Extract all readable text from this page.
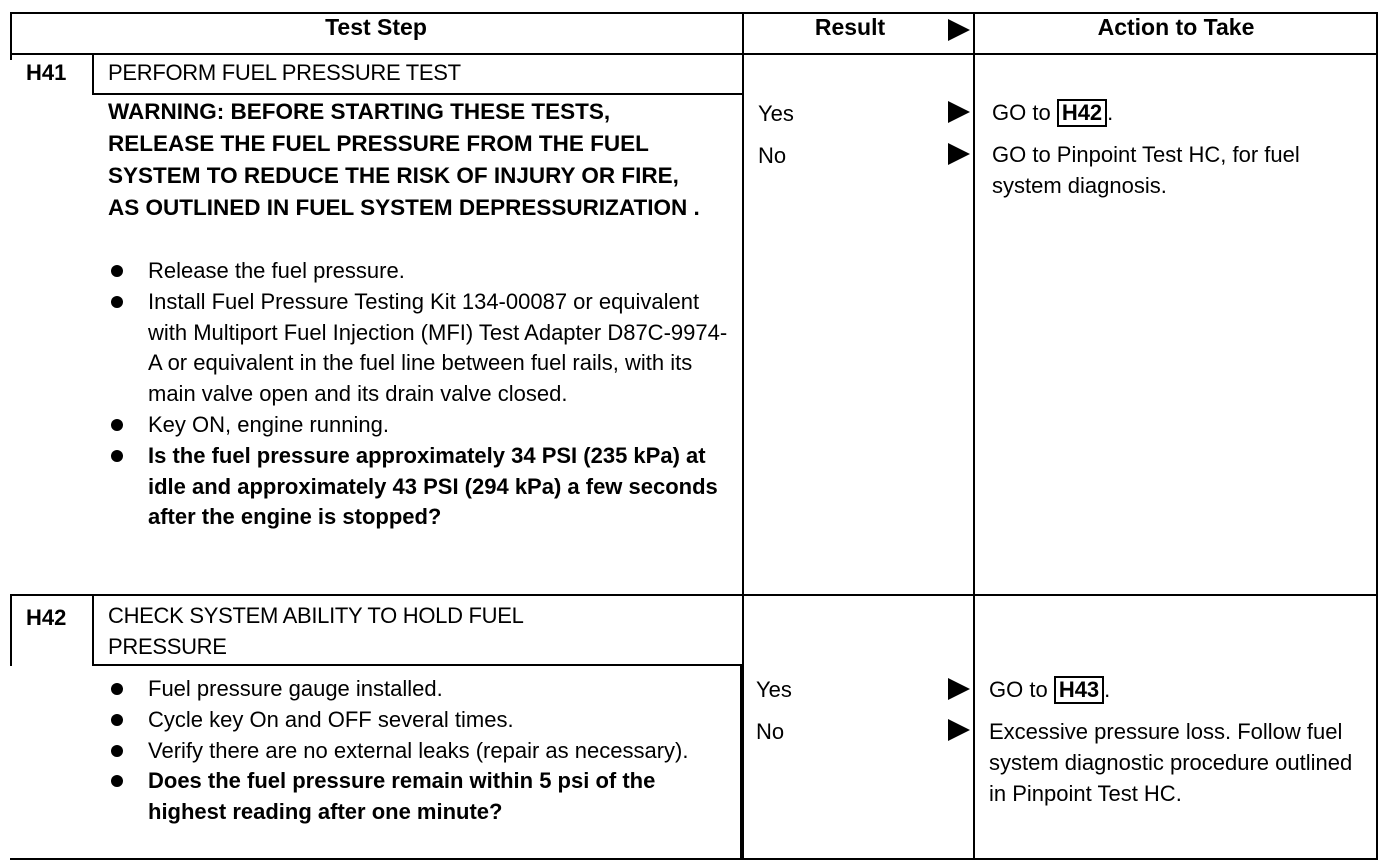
Test Step	Result	Action to Take
H41 PERFORM FUEL PRESSURE TEST
WARNING: BEFORE STARTING THESE TESTS, RELEASE THE FUEL PRESSURE FROM THE FUEL SYSTEM TO REDUCE THE RISK OF INJURY OR FIRE, AS OUTLINED IN FUEL SYSTEM DEPRESSURIZATION .
Release the fuel pressure.
Install Fuel Pressure Testing Kit 134-00087 or equivalent with Multiport Fuel Injection (MFI) Test Adapter D87C-9974-A or equivalent in the fuel line between fuel rails, with its main valve open and its drain valve closed.
Key ON, engine running.
Is the fuel pressure approximately 34 PSI (235 kPa) at idle and approximately 43 PSI (294 kPa) a few seconds after the engine is stopped?
Yes
No
GO to H42 .
GO to Pinpoint Test HC, for fuel system diagnosis.
H42 CHECK SYSTEM ABILITY TO HOLD FUEL PRESSURE
Fuel pressure gauge installed.
Cycle key On and OFF several times.
Verify there are no external leaks (repair as necessary).
Does the fuel pressure remain within 5 psi of the highest reading after one minute?
Yes
No
GO to H43 .
Excessive pressure loss. Follow fuel system diagnostic procedure outlined in Pinpoint Test HC.
